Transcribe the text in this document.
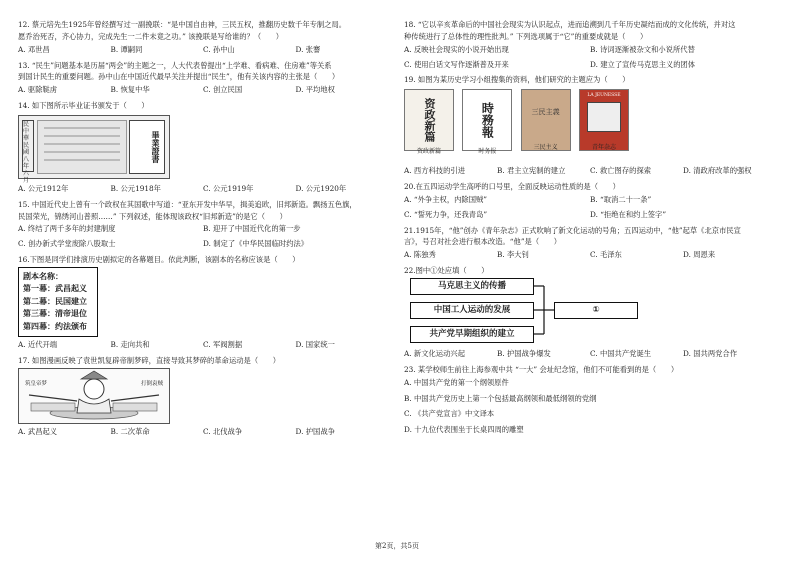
12. 蔡元培先生1925年曾经撰写过一副挽联：“是中国自由神，三民五权，推翻历史数千年专制之局。
愿乔治死否，齐心协力，完成先生一二件未竟之功。” 该挽联是写给谁的？（　　）
A. 邓世昌	B. 谭嗣同	C. 孙中山	D. 张謇
13. “民生”问题基本是历届“两会”的主题之一，人大代表曾提出“上学难、看病难、住房难”等关系
到国计民生的重要问题。孙中山在中国近代最早关注并提出“民生”，他有关该内容的主张是（　　）
A. 驱除鞑虏	B. 恢复中华	C. 创立民国	D. 平均地权
14. 如下图所示毕业证书颁发于（　　）
民 中華民國八年六月
畢業證書
A. 公元1912年	B. 公元1918年	C. 公元1919年	D. 公元1920年
15. 中国近代史上曾有一个政权在其国歌中写道：“亚东开发中华早，揖美追欧，旧邦新造。飘扬五色旗，
民国荣光，锦绣河山普照……” 下列叙述，能体现该政权“旧邦新造”的是它（　　）
A. 终结了两千多年的封建制度	B. 迎开了中国近代化的第一步
C. 创办新式学堂废除八股取士	D. 制定了《中华民国临时约法》
16.下图是同学们排演历史剧拟定的各幕题目。依此判断，该剧本的名称应该是（　　）
剧本名称：
第一幕：武昌起义
第二幕：民国建立
第三幕：清帝退位
第四幕：约法颁布
A. 近代开端	B. 走向共和	C. 军阀割据	D. 国家统一
17. 如图漫画反映了袁世凯复辟帝制梦碎，直接导致其梦碎的革命运动是（　　）
筑皇帝梦	打倒袁贼
A. 武昌起义	B. 二次革命	C. 北伐战争	D. 护国战争
18. “它以辛亥革命后的中国社会现实为认识起点，进而追溯到几千年历史凝结而成的文化传统，并对这
种传统进行了总体性的理性批判。” 下列选项属于“它”的重要成就是（　　）
A. 反映社会现实的小说开始出现	B. 诗词逐渐被杂文和小说所代替
C. 使用白话文写作逐渐普及开来	D. 建立了宣传马克思主义的团体
19. 如图为某历史学习小组搜集的资料，他们研究的主题应为（　　）
资政新篇
资政新篇

時務報
时务报

三民主義
三民主义

LA JEUNESSE
青年杂志
A. 西方科技的引进	B. 君主立宪制的建立	C. 救亡图存的探索	D. 清政府改革的强权
20.在五四运动学生高呼的口号里，全面反映运动性质的是（　　）
A. “外争主权，内除国贼”	B. “取消二十一条”
C. “誓死力争，还我青岛”	D. “拒绝在和约上签字”
21.1915年，“他”创办《青年杂志》正式吹响了新文化运动的号角；五四运动中，“他”起草《北京市民宣
言》，号召对社会进行根本改造。“他”是（　　）
A. 陈独秀	B. 李大钊	C. 毛泽东	D. 周恩来
22.图中①处应填（　　）
马克思主义的传播
中国工人运动的发展
共产党早期组织的建立
①
A. 新文化运动兴起	B. 护国战争爆发	C. 中国共产党诞生	D. 国共两党合作
23. 某学校师生前往上海参观中共 “一大” 会址纪念馆，他们不可能看到的是（　　）
A. 中国共产党的第一个纲领原件
B. 中国共产党历史上第一个包括最高纲领和最低纲领的党纲
C. 《共产党宣言》中文译本
D. 十九位代表围坐于长桌四周的雕塑
第2页，共5页
